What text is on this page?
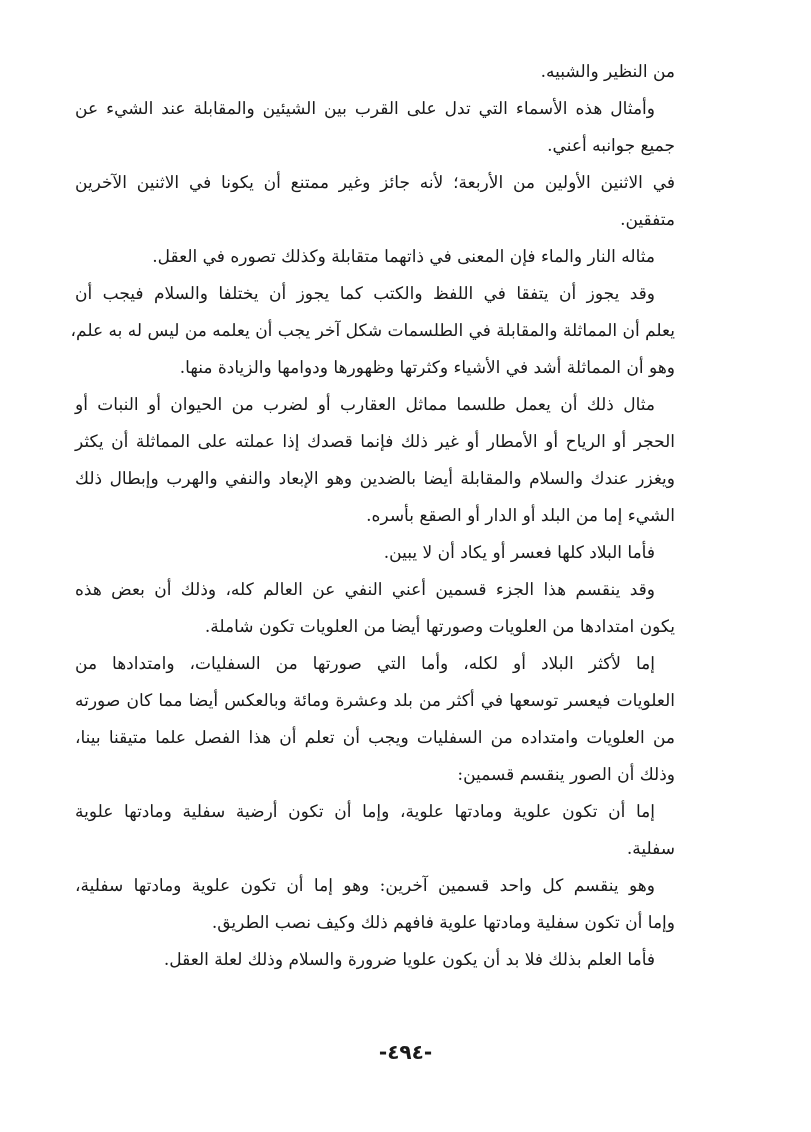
من النظير والشبيه.
وأمثال هذه الأسماء التي تدل على القرب بين الشيئين والمقابلة عند الشيء عن
جميع جوانبه أعني.
في الاثنين الأولين من الأربعة؛ لأنه جائز وغير ممتنع أن يكونا في الاثنين الآخرين
متفقين.
مثاله النار والماء فإن المعنى في ذاتهما متقابلة وكذلك تصوره في العقل.
وقد يجوز أن يتفقا في اللفظ والكتب كما يجوز أن يختلفا والسلام فيجب أن
يعلم أن المماثلة والمقابلة في الطلسمات شكل آخر يجب أن يعلمه من ليس له به علم،
وهو أن المماثلة أشد في الأشياء وكثرتها وظهورها ودوامها والزيادة منها.
مثال ذلك أن يعمل طلسما مماثل العقارب أو لضرب من الحيوان أو النبات أو
الحجر أو الرياح أو الأمطار أو غير ذلك فإنما قصدك إذا عملته على المماثلة أن يكثر
ويغزر عندك والسلام والمقابلة أيضا بالضدين وهو الإبعاد والنفي والهرب وإبطال ذلك
الشيء إما من البلد أو الدار أو الصقع بأسره.
فأما البلاد كلها فعسر أو يكاد أن لا يبين.
وقد ينقسم هذا الجزء قسمين أعني النفي عن العالم كله، وذلك أن بعض هذه
يكون امتدادها من العلويات وصورتها أيضا من العلويات تكون شاملة.
إما لأكثر البلاد أو لكله، وأما التي صورتها من السفليات، وامتدادها من
العلويات فيعسر توسعها في أكثر من بلد وعشرة ومائة وبالعكس أيضا مما كان صورته
من العلويات وامتداده من السفليات ويجب أن تعلم أن هذا الفصل علما متيقنا بينا،
وذلك أن الصور ينقسم قسمين:
إما أن تكون علوية ومادتها علوية، وإما أن تكون أرضية سفلية ومادتها علوية
سفلية.
وهو ينقسم كل واحد قسمين آخرين: وهو إما أن تكون علوية ومادتها سفلية،
وإما أن تكون سفلية ومادتها علوية فافهم ذلك وكيف نصب الطريق.
فأما العلم بذلك فلا بد أن يكون علويا ضرورة والسلام وذلك لعلة العقل.
-٤٩٤-
